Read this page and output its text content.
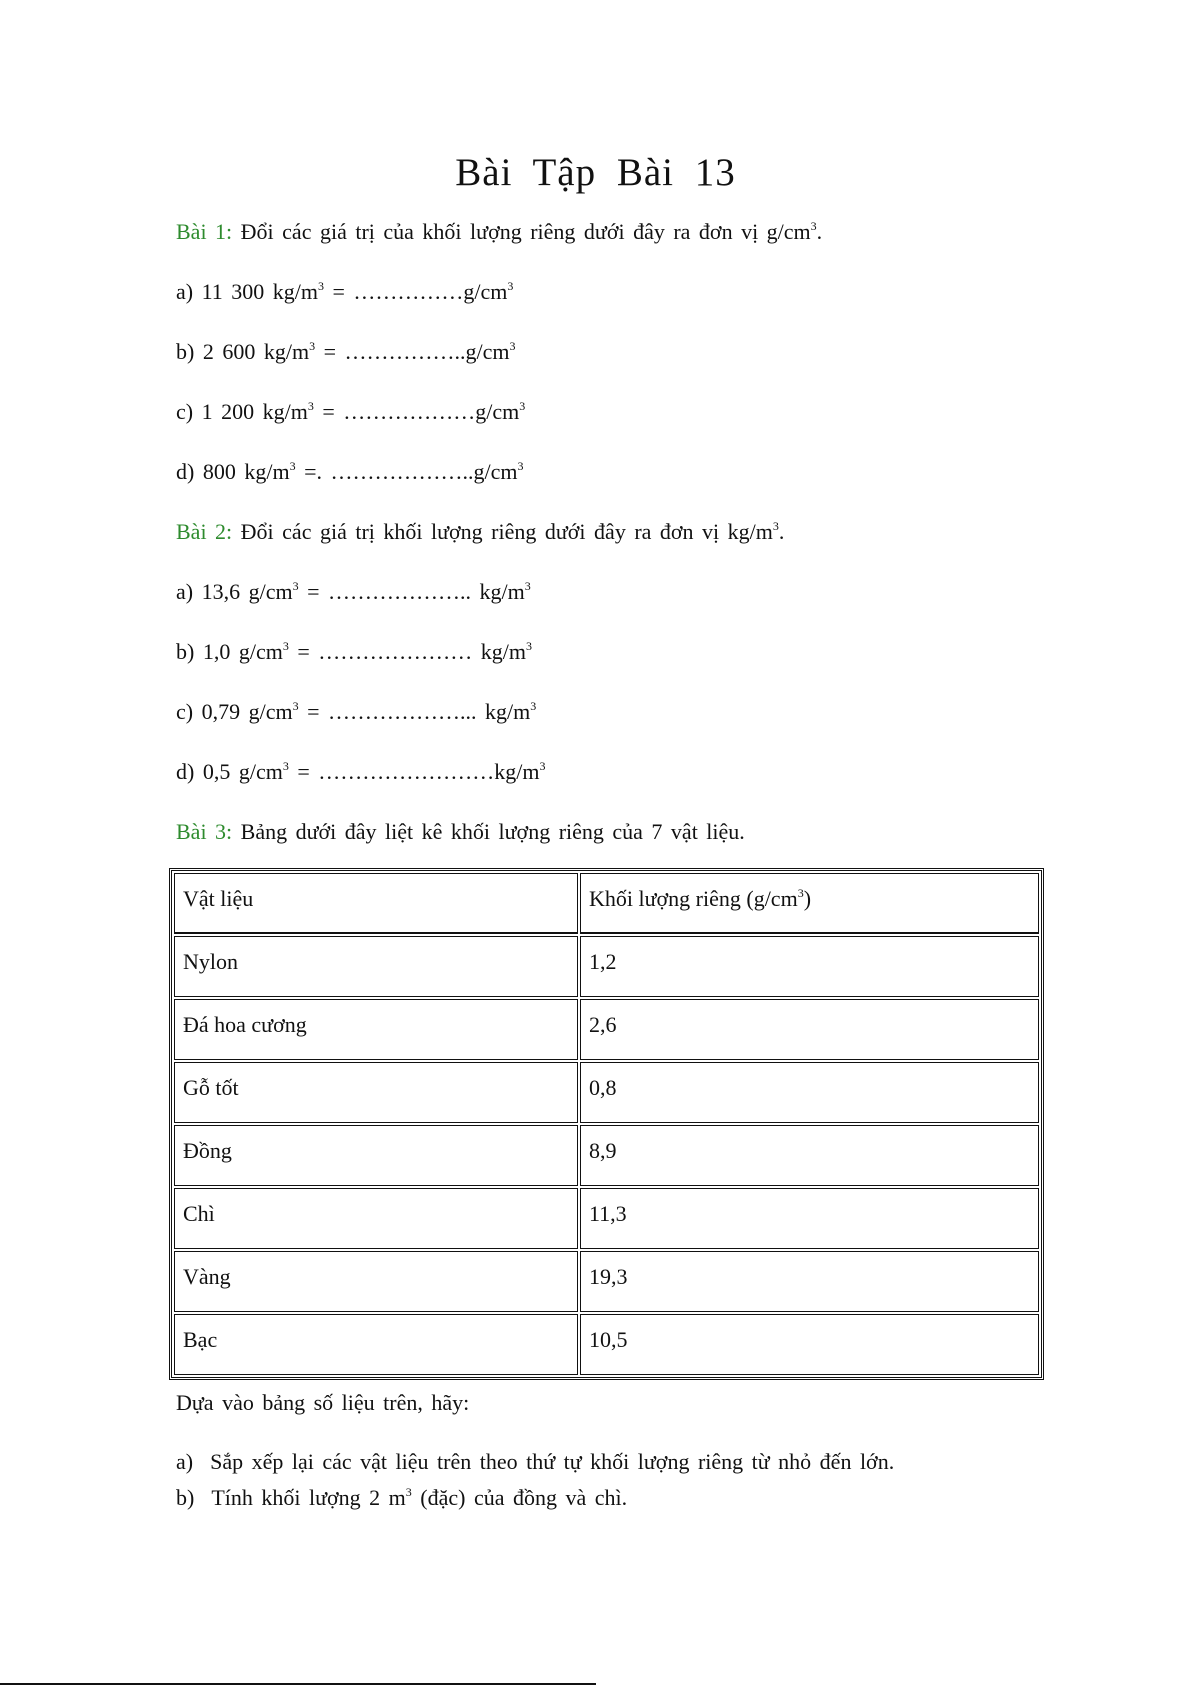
Bài Tập Bài 13
Bài 1: Đổi các giá trị của khối lượng riêng dưới đây ra đơn vị $g/cm^3$.
a) 11 300 $kg/m^3$ = $\dots\dots\dots\dots\dots g/cm^3$
b) 2 600 $kg/m^3$ = $\dots\dots\dots\dots\dots..g/cm^3$
c) 1 200 $kg/m^3$ = $\dots\dots\dots\dots\dots\dots g/cm^3$
d) 800 $kg/m^3$ =. $\dots\dots\dots\dots\dots\dots..g/cm^3$
Bài 2: Đổi các giá trị khối lượng riêng dưới đây ra đơn vị $kg/m^3$.
a) 13,6 $g/cm^3$ = ……………….. $kg/m^3$
b) 1,0 $g/cm^3$ = ………………… $kg/m^3$
c) 0,79 $g/cm^3$ = ………………... $kg/m^3$
d) 0,5 $g/cm^3$ = $\dots\dots\dots\dots\dots\dots\dots\dots kg/m^3$
Bài 3: Bảng dưới đây liệt kê khối lượng riêng của 7 vật liệu.
Vật liệu	Khối lượng riêng $(g/cm^3)$
Nylon	1,2
Đá hoa cương	2,6
Gỗ tốt	0,8
Đồng	8,9
Chì	11,3
Vàng	19,3
Bạc	10,5
Dựa vào bảng số liệu trên, hãy:
a) Sắp xếp lại các vật liệu trên theo thứ tự khối lượng riêng từ nhỏ đến lớn.
b) Tính khối lượng 2 $m^3$ (đặc) của đồng và chì.
